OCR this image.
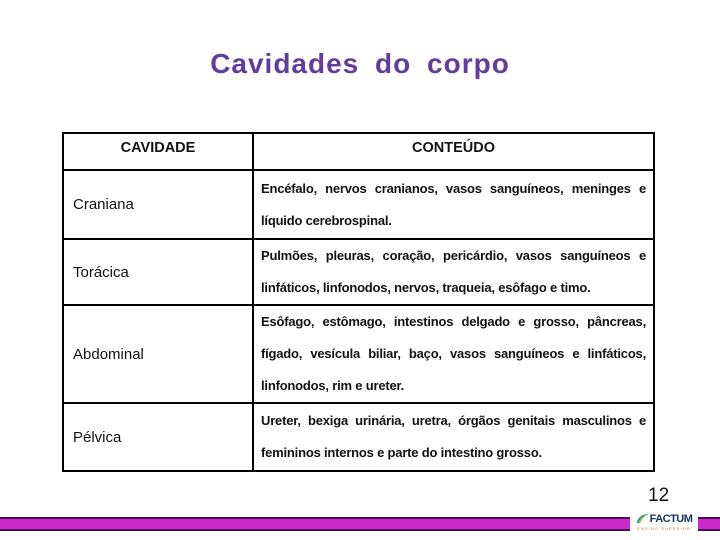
Cavidades do corpo
CAVIDADE	CONTEÚDO
Craniana	Encéfalo, nervos cranianos, vasos sanguíneos, meninges e líquido cerebrospinal.
Torácica	Pulmões, pleuras, coração, pericárdio, vasos sanguíneos e linfáticos, linfonodos, nervos, traqueia, esôfago e timo.
Abdominal	Esôfago, estômago, intestinos delgado e grosso, pâncreas, fígado, vesícula biliar, baço, vasos sanguíneos e linfáticos, linfonodos, rim e ureter.
Pélvica	Ureter, bexiga urinária, uretra, órgãos genitais masculinos e femininos internos e parte do intestino grosso.
12
FACTUM
ENSINO SUPERIOR
